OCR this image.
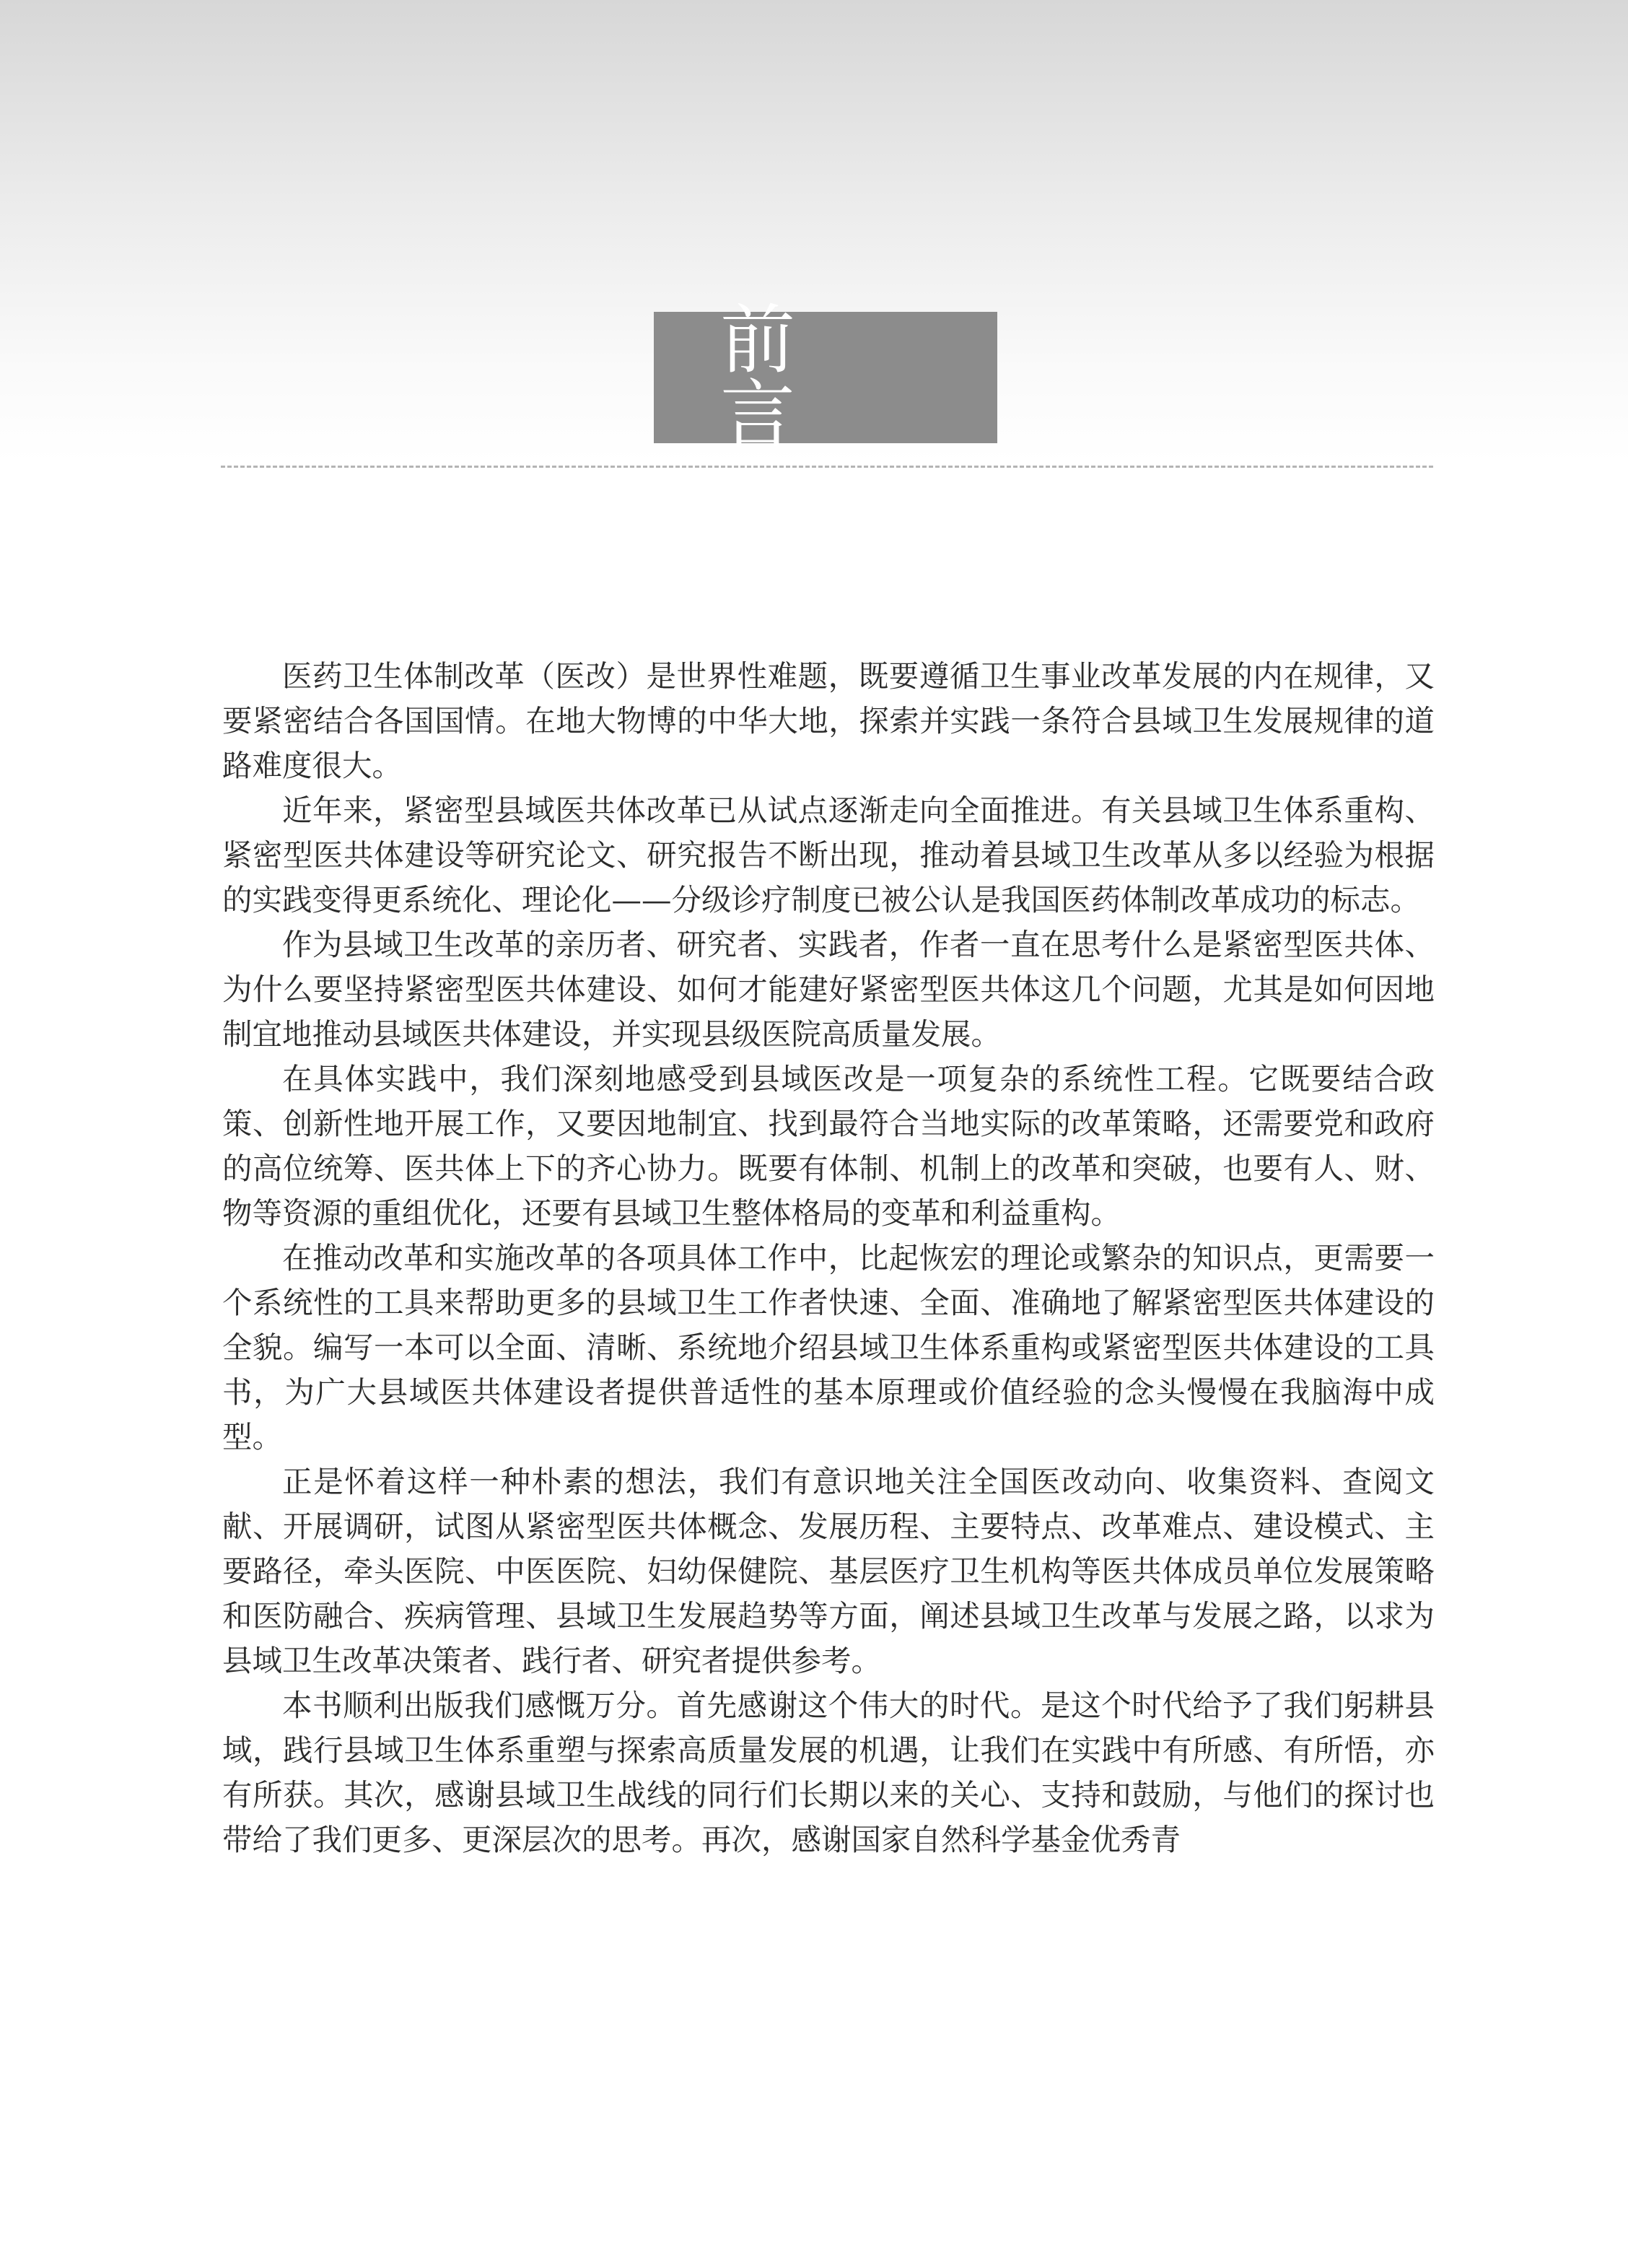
前 言

医药卫生体制改革（医改）是世界性难题，既要遵循卫生事业改革发展的内在规律，又要紧密结合各国国情。在地大物博的中华大地，探索并实践一条符合县域卫生发展规律的道路难度很大。

近年来，紧密型县域医共体改革已从试点逐渐走向全面推进。有关县域卫生体系重构、紧密型医共体建设等研究论文、研究报告不断出现，推动着县域卫生改革从多以经验为根据的实践变得更系统化、理论化——分级诊疗制度已被公认是我国医药体制改革成功的标志。

作为县域卫生改革的亲历者、研究者、实践者，作者一直在思考什么是紧密型医共体、为什么要坚持紧密型医共体建设、如何才能建好紧密型医共体这几个问题，尤其是如何因地制宜地推动县域医共体建设，并实现县级医院高质量发展。

在具体实践中，我们深刻地感受到县域医改是一项复杂的系统性工程。它既要结合政策、创新性地开展工作，又要因地制宜、找到最符合当地实际的改革策略，还需要党和政府的高位统筹、医共体上下的齐心协力。既要有体制、机制上的改革和突破，也要有人、财、物等资源的重组优化，还要有县域卫生整体格局的变革和利益重构。

在推动改革和实施改革的各项具体工作中，比起恢宏的理论或繁杂的知识点，更需要一个系统性的工具来帮助更多的县域卫生工作者快速、全面、准确地了解紧密型医共体建设的全貌。编写一本可以全面、清晰、系统地介绍县域卫生体系重构或紧密型医共体建设的工具书，为广大县域医共体建设者提供普适性的基本原理或价值经验的念头慢慢在我脑海中成型。

正是怀着这样一种朴素的想法，我们有意识地关注全国医改动向、收集资料、查阅文献、开展调研，试图从紧密型医共体概念、发展历程、主要特点、改革难点、建设模式、主要路径，牵头医院、中医医院、妇幼保健院、基层医疗卫生机构等医共体成员单位发展策略和医防融合、疾病管理、县域卫生发展趋势等方面，阐述县域卫生改革与发展之路，以求为县域卫生改革决策者、践行者、研究者提供参考。

本书顺利出版我们感慨万分。首先感谢这个伟大的时代。是这个时代给予了我们躬耕县域，践行县域卫生体系重塑与探索高质量发展的机遇，让我们在实践中有所感、有所悟，亦有所获。其次，感谢县域卫生战线的同行们长期以来的关心、支持和鼓励，与他们的探讨也带给了我们更多、更深层次的思考。再次，感谢国家自然科学基金优秀青
